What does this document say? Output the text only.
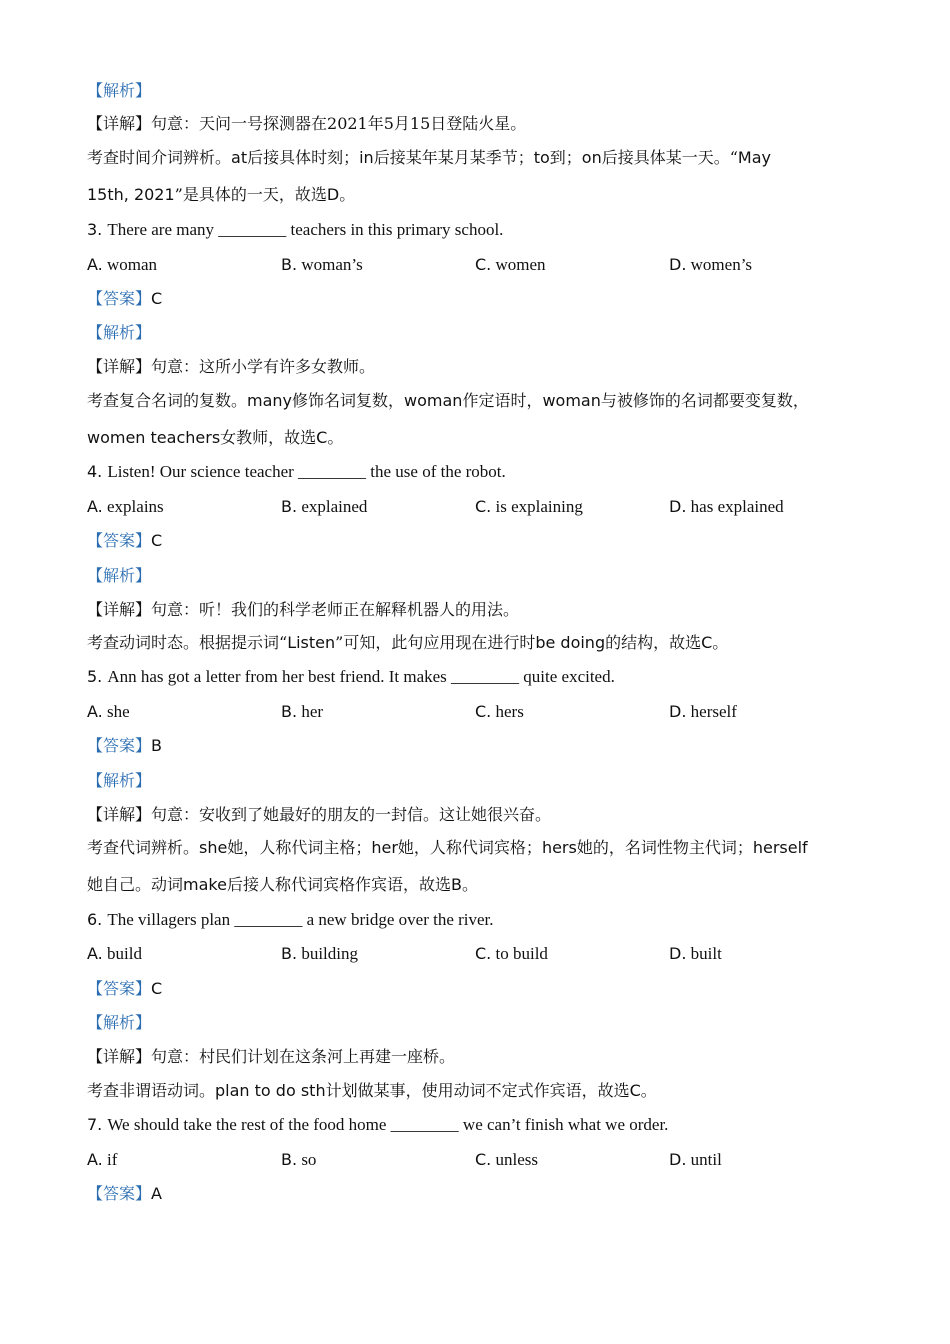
【解析】
【详解】句意：天问一号探测器在2021年5月15日登陆火星。
考查时间介词辨析。at后接具体时刻；in后接某年某月某季节；to到；on后接具体某一天。“May
15th, 2021”是具体的一天，故选D。
3. There are many ________ teachers in this primary school.
A. woman	B. woman’s	C. women	D. women’s
【答案】C
【解析】
【详解】句意：这所小学有许多女教师。
考查复合名词的复数。many修饰名词复数，woman作定语时，woman与被修饰的名词都要变复数，
women teachers女教师，故选C。
4. Listen! Our science teacher ________ the use of the robot.
A. explains	B. explained	C. is explaining	D. has explained
【答案】C
【解析】
【详解】句意：听！我们的科学老师正在解释机器人的用法。
考查动词时态。根据提示词“Listen”可知，此句应用现在进行时be doing的结构，故选C。
5. Ann has got a letter from her best friend. It makes ________ quite excited.
A. she	B. her	C. hers	D. herself
【答案】B
【解析】
【详解】句意：安收到了她最好的朋友的一封信。这让她很兴奋。
考查代词辨析。she她，人称代词主格；her她，人称代词宾格；hers她的，名词性物主代词；herself
她自己。动词make后接人称代词宾格作宾语，故选B。
6. The villagers plan ________ a new bridge over the river.
A. build	B. building	C. to build	D. built
【答案】C
【解析】
【详解】句意：村民们计划在这条河上再建一座桥。
考查非谓语动词。plan to do sth计划做某事，使用动词不定式作宾语，故选C。
7. We should take the rest of the food home ________ we can’t finish what we order.
A. if	B. so	C. unless	D. until
【答案】A
